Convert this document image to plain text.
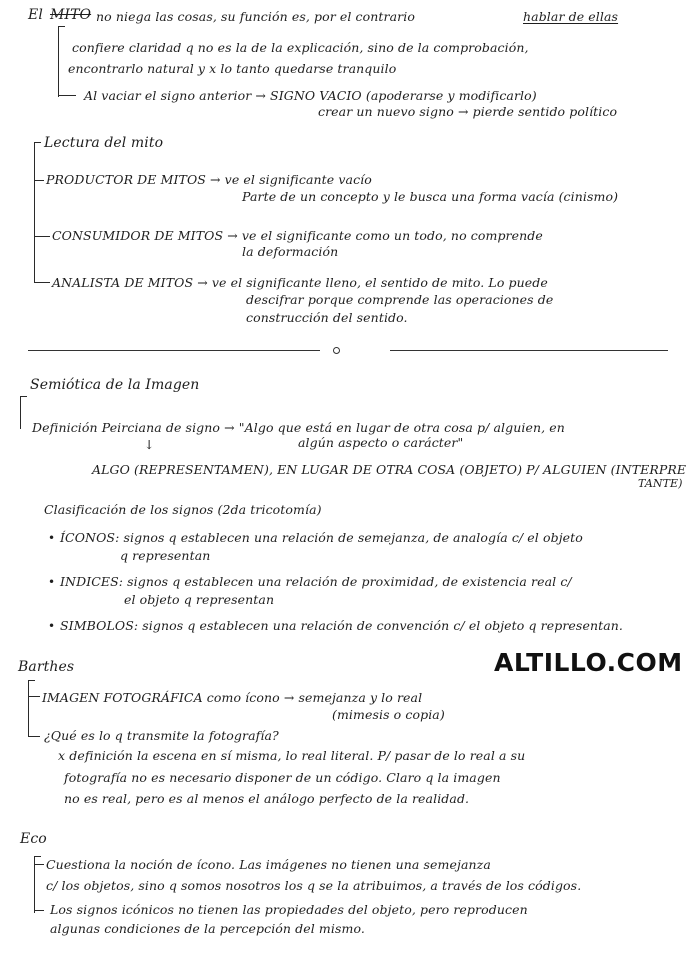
El MITO no niega las cosas, su función es, por el contrario	hablar de ellas
confiere claridad q no es la de la explicación, sino de la comprobación,
encontrarlo natural y x lo tanto quedarse tranquilo
Al vaciar el signo anterior → SIGNO VACIO (apoderarse y modificarlo)
crear un nuevo signo → pierde sentido político
Lectura del mito
PRODUCTOR DE MITOS → ve el significante vacío
Parte de un concepto y le busca una forma vacía (cinismo)
CONSUMIDOR DE MITOS → ve el significante como un todo, no comprende
la deformación
ANALISTA DE MITOS → ve el significante lleno, el sentido de mito. Lo puede
descifrar porque comprende las operaciones de
construcción del sentido.
Semiótica de la Imagen
Definición Peirciana de signo → "Algo que está en lugar de otra cosa p/ alguien, en
algún aspecto o carácter"
↓
ALGO (REPRESENTAMEN), EN LUGAR DE OTRA COSA (OBJETO) P/ ALGUIEN (INTERPRE
TANTE)
Clasificación de los signos (2da tricotomía)
• ÍCONOS: signos q establecen una relación de semejanza, de analogía c/ el objeto
q representan
• INDICES: signos q establecen una relación de proximidad, de existencia real c/
el objeto q representan
• SIMBOLOS: signos q establecen una relación de convención c/ el objeto q representan.
Barthes	ALTILLO.COM
IMAGEN FOTOGRÁFICA como ícono → semejanza y lo real
(mimesis o copia)
¿Qué es lo q transmite la fotografía?
x definición la escena en sí misma, lo real literal. P/ pasar de lo real a su
fotografía no es necesario disponer de un código. Claro q la imagen
no es real, pero es al menos el análogo perfecto de la realidad.
Eco
Cuestiona la noción de ícono. Las imágenes no tienen una semejanza
c/ los objetos, sino q somos nosotros los q se la atribuimos, a través de los códigos.
Los signos icónicos no tienen las propiedades del objeto, pero reproducen
algunas condiciones de la percepción del mismo.
